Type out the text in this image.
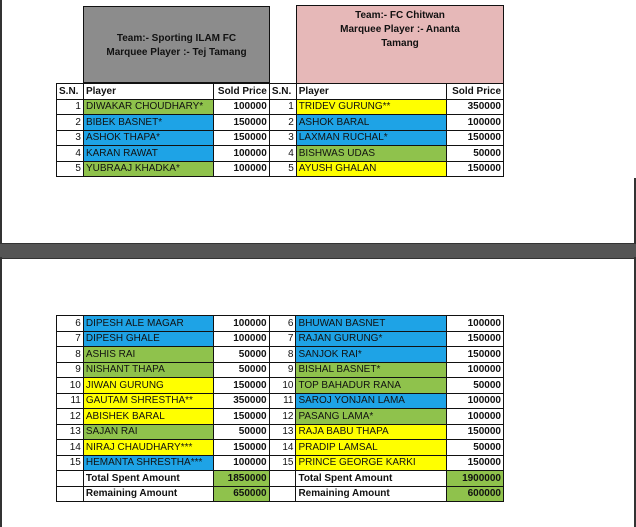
Team:- Sporting ILAM FC
Marquee Player :- Tej Tamang
Team:- FC Chitwan
Marquee Player :- Ananta
Tamang
S.N.	Player	Sold Price	S.N.	Player	Sold Price
1	DIWAKAR CHOUDHARY*	100000	1	TRIDEV GURUNG**	350000
2	BIBEK BASNET*	150000	2	ASHOK BARAL	100000
3	ASHOK THAPA*	150000	3	LAXMAN RUCHAL*	150000
4	KARAN RAWAT	100000	4	BISHWAS UDAS	50000
5	YUBRAAJ KHADKA*	100000	5	AYUSH GHALAN	150000
6	DIPESH ALE MAGAR	100000	6	BHUWAN BASNET	100000
7	DIPESH GHALE	100000	7	RAJAN GURUNG*	150000
8	ASHIS RAI	50000	8	SANJOK RAI*	150000
9	NISHANT THAPA	50000	9	BISHAL BASNET*	100000
10	JIWAN GURUNG	150000	10	TOP BAHADUR RANA	50000
11	GAUTAM SHRESTHA**	350000	11	SAROJ YONJAN LAMA	100000
12	ABISHEK BARAL	150000	12	PASANG LAMA*	100000
13	SAJAN RAI	50000	13	RAJA BABU THAPA	150000
14	NIRAJ CHAUDHARY***	150000	14	PRADIP LAMSAL	50000
15	HEMANTA SHRESTHA***	100000	15	PRINCE GEORGE KARKI	150000
	Total Spent Amount	1850000		Total Spent Amount	1900000
	Remaining Amount	650000		Remaining Amount	600000
